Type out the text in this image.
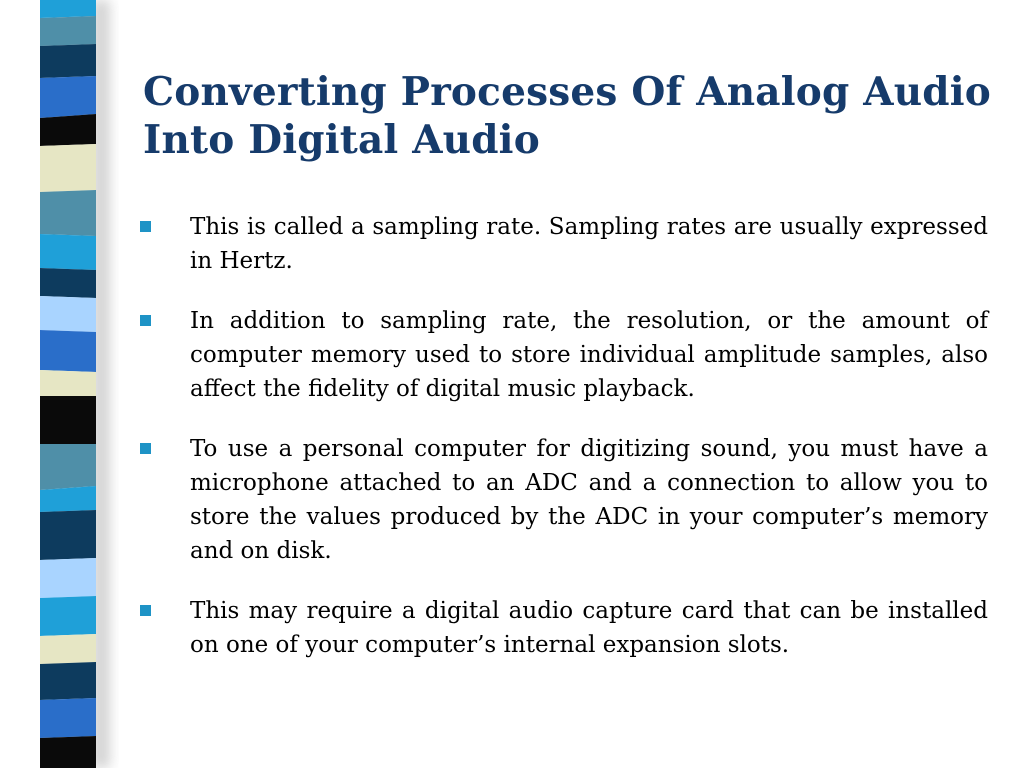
Converting Processes Of Analog Audio
Into Digital Audio
This is called a sampling rate. Sampling rates are usually expressed in Hertz.
In addition to sampling rate, the resolution, or the amount of computer memory used to store individual amplitude samples, also affect the fidelity of digital music playback.
To use a personal computer for digitizing sound, you must have a microphone attached to an ADC and a connection to allow you to store the values produced by the ADC in your computer’s memory and on disk.
This may require a digital audio capture card that can be installed on one of your computer’s internal expansion slots.
